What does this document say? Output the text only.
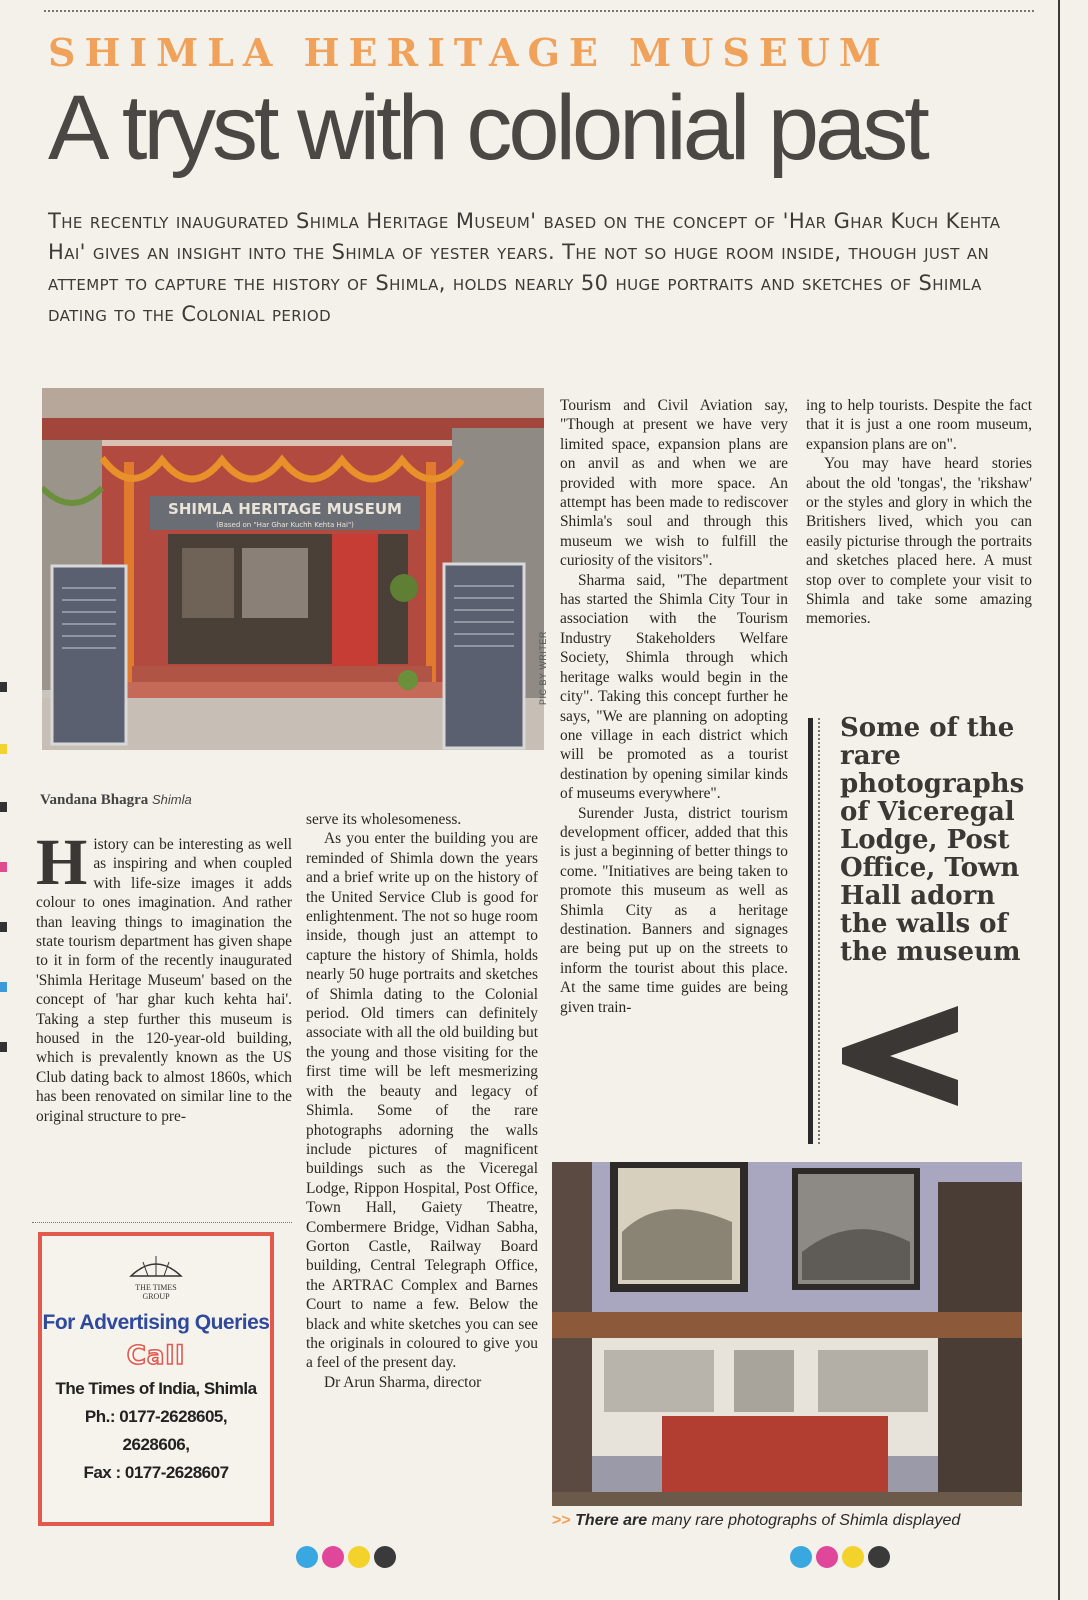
SHIMLA HERITAGE MUSEUM
A tryst with colonial past
The recently inaugurated Shimla Heritage Museum' based on the concept of 'Har Ghar Kuch Kehta Hai' gives an insight into the Shimla of yester years. The not so huge room inside, though just an attempt to capture the history of Shimla, holds nearly 50 huge portraits and sketches of Shimla dating to the Colonial period
SHIMLA HERITAGE MUSEUM
(Based on "Har Ghar Kuchh Kehta Hai")
PIC BY WRITER
Vandana Bhagra Shimla
H istory can be interesting as well as inspiring and when coupled with life-size images it adds colour to ones imagination. And rather than leaving things to imagination the state tourism department has given shape to it in form of the recently inaugurated 'Shimla Heritage Museum' based on the concept of 'har ghar kuch kehta hai'. Taking a step further this museum is housed in the 120-year-old building, which is prevalently known as the US Club dating back to almost 1860s, which has been renovated on similar line to the original structure to pre-

serve its wholesomeness.

As you enter the building you are reminded of Shimla down the years and a brief write up on the history of the United Service Club is good for enlightenment. The not so huge room inside, though just an attempt to capture the history of Shimla, holds nearly 50 huge portraits and sketches of Shimla dating to the Colonial period. Old timers can definitely associate with all the old building but the young and those visiting for the first time will be left mesmerizing with the beauty and legacy of Shimla. Some of the rare photographs adorning the walls include pictures of magnificent buildings such as the Viceregal Lodge, Rippon Hospital, Post Office, Town Hall, Gaiety Theatre, Combermere Bridge, Vidhan Sabha, Gorton Castle, Railway Board building, Central Telegraph Office, the ARTRAC Complex and Barnes Court to name a few. Below the black and white sketches you can see the originals in coloured to give you a feel of the present day.

Dr Arun Sharma, director

Tourism and Civil Aviation say, "Though at present we have very limited space, expansion plans are on anvil as and when we are provided with more space. An attempt has been made to rediscover Shimla's soul and through this museum we wish to fulfill the curiosity of the visitors".

Sharma said, "The department has started the Shimla City Tour in association with the Tourism Industry Stakeholders Welfare Society, Shimla through which heritage walks would begin in the city". Taking this concept further he says, "We are planning on adopting one village in each district which will be promoted as a tourist destination by opening similar kinds of museums everywhere".

Surender Justa, district tourism development officer, added that this is just a beginning of better things to come. "Initiatives are being taken to promote this museum as well as Shimla City as a heritage destination. Banners and signages are being put up on the streets to inform the tourist about this place. At the same time guides are being given train-

ing to help tourists. Despite the fact that it is just a one room museum, expansion plans are on".

You may have heard stories about the old 'tongas', the 'rikshaw' or the styles and glory in which the Britishers lived, which you can easily picturise through the portraits and sketches placed here. A must stop over to complete your visit to Shimla and take some amazing memories.

Some of the rare photographs of Viceregal Lodge, Post Office, Town Hall adorn the walls of the museum
>> There are many rare photographs of Shimla displayed
THE TIMES
GROUP
For Advertising Queries
Call
The Times of India, Shimla
Ph.: 0177-2628605,
2628606,
Fax : 0177-2628607
